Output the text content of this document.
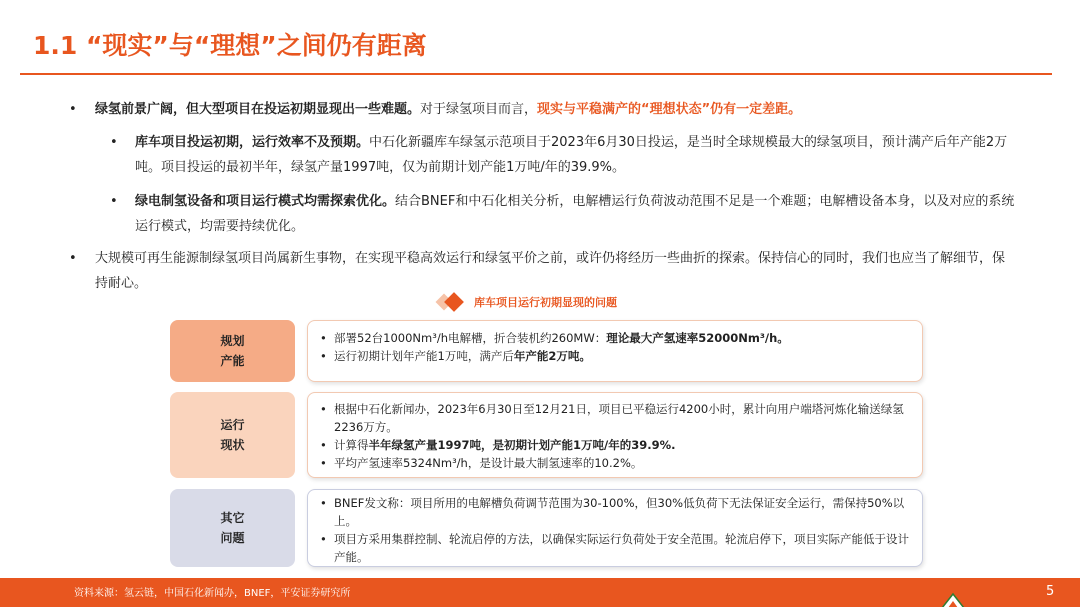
1.1 “现实”与“理想”之间仍有距离
• 绿氢前景广阔，但大型项目在投运初期显现出一些难题。对于绿氢项目而言，现实与平稳满产的“理想状态”仍有一定差距。
• 库车项目投运初期，运行效率不及预期。中石化新疆库车绿氢示范项目于2023年6月30日投运，是当时全球规模最大的绿氢项目，预计满产后年产能2万吨。项目投运的最初半年，绿氢产量1997吨，仅为前期计划产能1万吨/年的39.9%。
• 绿电制氢设备和项目运行模式均需探索优化。结合BNEF和中石化相关分析，电解槽运行负荷波动范围不足是一个难题；电解槽设备本身，以及对应的系统运行模式，均需要持续优化。
• 大规模可再生能源制绿氢项目尚属新生事物，在实现平稳高效运行和绿氢平价之前，或许仍将经历一些曲折的探索。保持信心的同时，我们也应当了解细节，保持耐心。
库车项目运行初期显现的问题
规划
产能
• 部署52台1000Nm³/h电解槽，折合装机约260MW：理论最大产氢速率52000Nm³/h。
• 运行初期计划年产能1万吨，满产后年产能2万吨。
运行
现状
• 根据中石化新闻办，2023年6月30日至12月21日，项目已平稳运行4200小时，累计向用户端塔河炼化输送绿氢2236万方。
• 计算得半年绿氢产量1997吨，是初期计划产能1万吨/年的39.9%.
• 平均产氢速率5324Nm³/h，是设计最大制氢速率的10.2%。
其它
问题
• BNEF发文称：项目所用的电解槽负荷调节范围为30-100%，但30%低负荷下无法保证安全运行，需保持50%以上。
• 项目方采用集群控制、轮流启停的方法，以确保实际运行负荷处于安全范围。轮流启停下，项目实际产能低于设计产能。
资料来源：氢云链，中国石化新闻办，BNEF，平安证券研究所	5
